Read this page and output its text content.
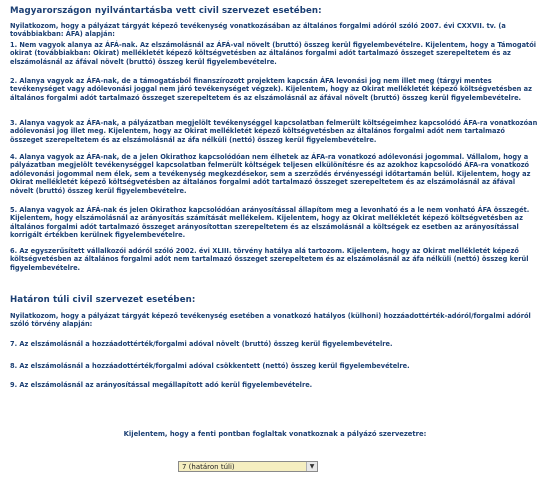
Magyarországon nyilvántartásba vett civil szervezet esetében:

Nyilatkozom, hogy a pályázat tárgyát képező tevékenység vonatkozásában az általános forgalmi adóról szóló 2007. évi CXXVII. tv. (a továbbiakban: ÁFA) alapján:

1. Nem vagyok alanya az ÁFÁ-nak. Az elszámolásnál az ÁFÁ-val növelt (bruttó) összeg kerül figyelembevételre. Kijelentem, hogy a Támogatói okirat (továbbiakban: Okirat) mellékletét képező költségvetésben az általános forgalmi adót tartalmazó összeget szerepeltetem és az elszámolásnál az áfával növelt (bruttó) összeg kerül figyelembevételre.

2. Alanya vagyok az ÁFA-nak, de a támogatásból finanszírozott projektem kapcsán ÁFA levonási jog nem illet meg (tárgyi mentes tevékenységet vagy adólevonási joggal nem járó tevékenységet végzek). Kijelentem, hogy az Okirat mellékletét képező költségvetésben az általános forgalmi adót tartalmazó összeget szerepeltetem és az elszámolásnál az áfával növelt (bruttó) összeg kerül figyelembevételre.

3. Alanya vagyok az ÁFA-nak, a pályázatban megjelölt tevékenységgel kapcsolatban felmerült költségeimhez kapcsolódó ÁFA-ra vonatkozóan adólevonási jog illet meg. Kijelentem, hogy az Okirat mellékletét képező költségvetésben az általános forgalmi adót nem tartalmazó összeget szerepeltetem és az elszámolásnál az áfa nélküli (nettó) összeg kerül figyelembevételre.

4. Alanya vagyok az ÁFA-nak, de a jelen Okirathoz kapcsolódóan nem élhetek az ÁFA-ra vonatkozó adólevonási jogommal. Vállalom, hogy a pályázatban megjelölt tevékenységgel kapcsolatban felmerült költségek teljesen elkülönítésre és az azokhoz kapcsolódó ÁFA-ra vonatkozó adólevonási jogommal nem élek, sem a tevékenység megkezdésekor, sem a szerződés érvényességi időtartamán belül. Kijelentem, hogy az Okirat mellékletét képező költségvetésben az általános forgalmi adót tartalmazó összeget szerepeltetem és az elszámolásnál az áfával növelt (bruttó) összeg kerül figyelembevételre.

5. Alanya vagyok az ÁFÁ-nak és jelen Okirathoz kapcsolódóan arányosítással állapítom meg a levonható és a le nem vonható ÁFA összegét. Kijelentem, hogy elszámolásnál az arányosítás számítását mellékelem. Kijelentem, hogy az Okirat mellékletét képező költségvetésben az általános forgalmi adót tartalmazó összeget arányosítottan szerepeltetem és az elszámolásnál a költségek ez esetben az arányosítással korrigált értékben kerülnek figyelembevételre.

6. Az egyszerűsített vállalkozói adóról szóló 2002. évi XLIII. törvény hatálya alá tartozom. Kijelentem, hogy az Okirat mellékletét képező költségvetésben az általános forgalmi adót nem tartalmazó összeget szerepeltetem és az elszámolásnál az áfa nélküli (nettó) összeg kerül figyelembevételre.

Határon túli civil szervezet esetében:

Nyilatkozom, hogy a pályázat tárgyát képező tevékenység esetében a vonatkozó hatályos (külhoni) hozzáadottérték-adóról/forgalmi adóról szóló törvény alapján:

7. Az elszámolásnál a hozzáadottérték/forgalmi adóval növelt (bruttó) összeg kerül figyelembevételre.

8. Az elszámolásnál a hozzáadottérték/forgalmi adóval csökkentett (nettó) összeg kerül figyelembevételre.

9. Az elszámolásnál az arányosítással megállapított adó kerül figyelembevételre.

Kijelentem, hogy a fenti pontban foglaltak vonatkoznak a pályázó szervezetre:
7 (határon túli)	▼
